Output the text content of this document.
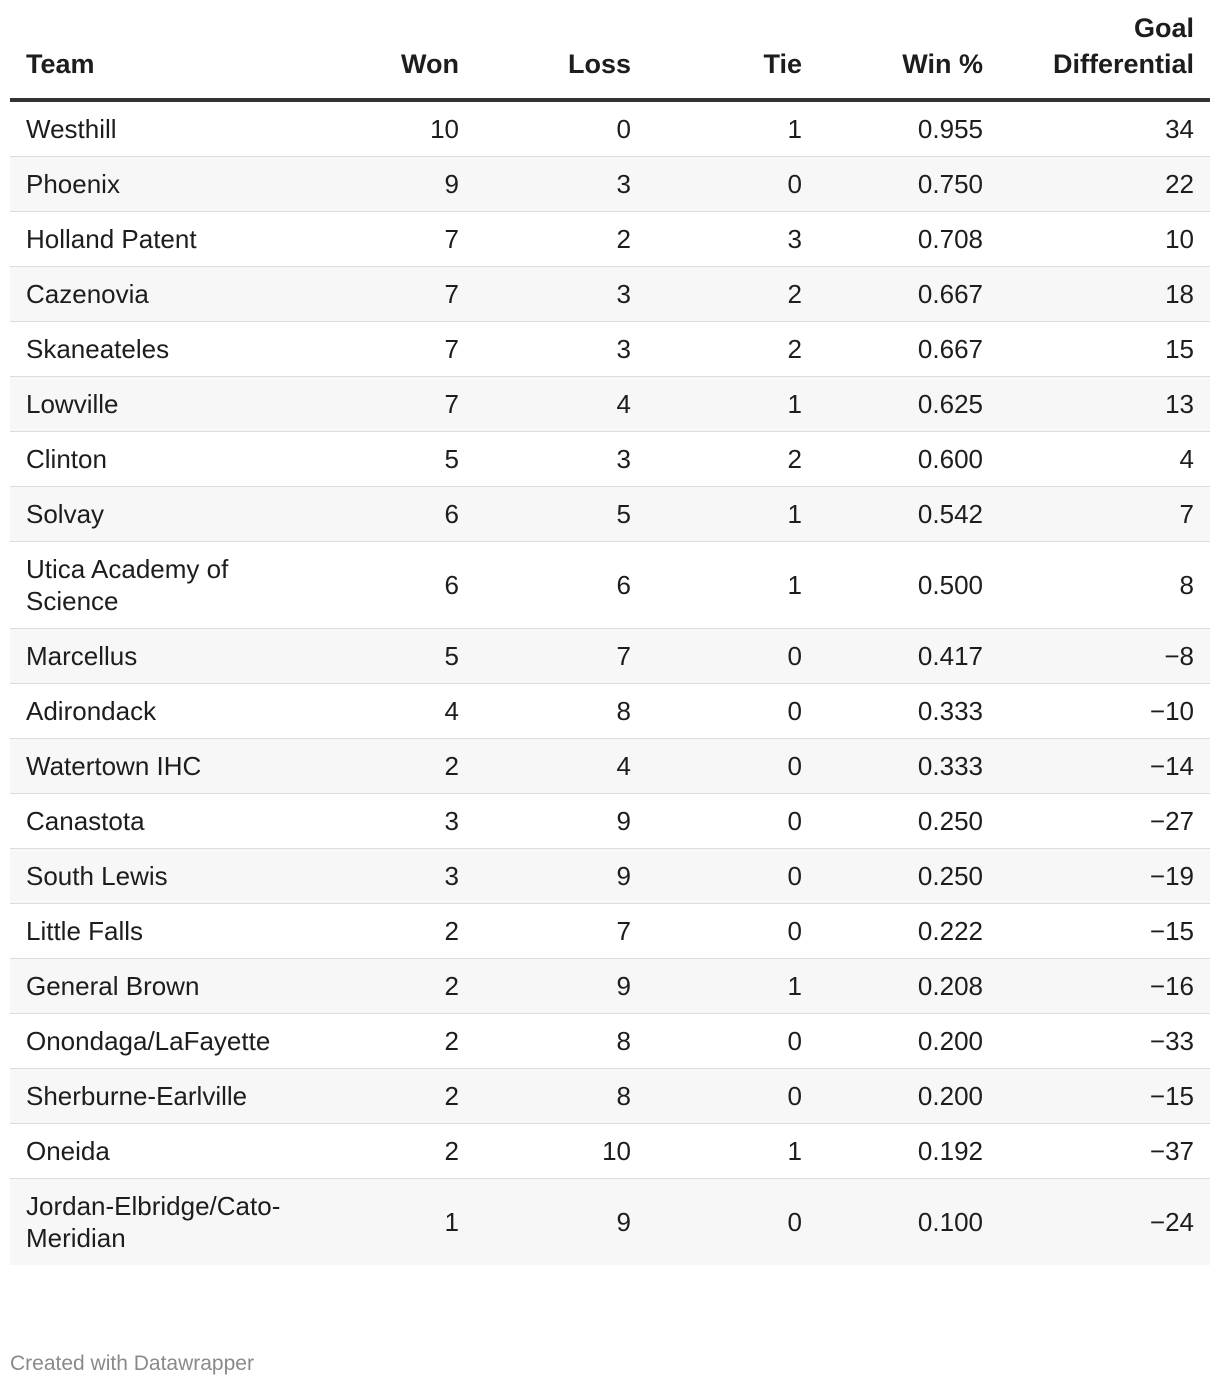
Team	Won	Loss	Tie	Win %	Goal Differential
Westhill	10	0	1	0.955	34
Phoenix	9	3	0	0.750	22
Holland Patent	7	2	3	0.708	10
Cazenovia	7	3	2	0.667	18
Skaneateles	7	3	2	0.667	15
Lowville	7	4	1	0.625	13
Clinton	5	3	2	0.600	4
Solvay	6	5	1	0.542	7
Utica Academy of Science	6	6	1	0.500	8
Marcellus	5	7	0	0.417	−8
Adirondack	4	8	0	0.333	−10
Watertown IHC	2	4	0	0.333	−14
Canastota	3	9	0	0.250	−27
South Lewis	3	9	0	0.250	−19
Little Falls	2	7	0	0.222	−15
General Brown	2	9	1	0.208	−16
Onondaga/LaFayette	2	8	0	0.200	−33
Sherburne-Earlville	2	8	0	0.200	−15
Oneida	2	10	1	0.192	−37
Jordan-Elbridge/Cato-Meridian	1	9	0	0.100	−24
Created with Datawrapper
